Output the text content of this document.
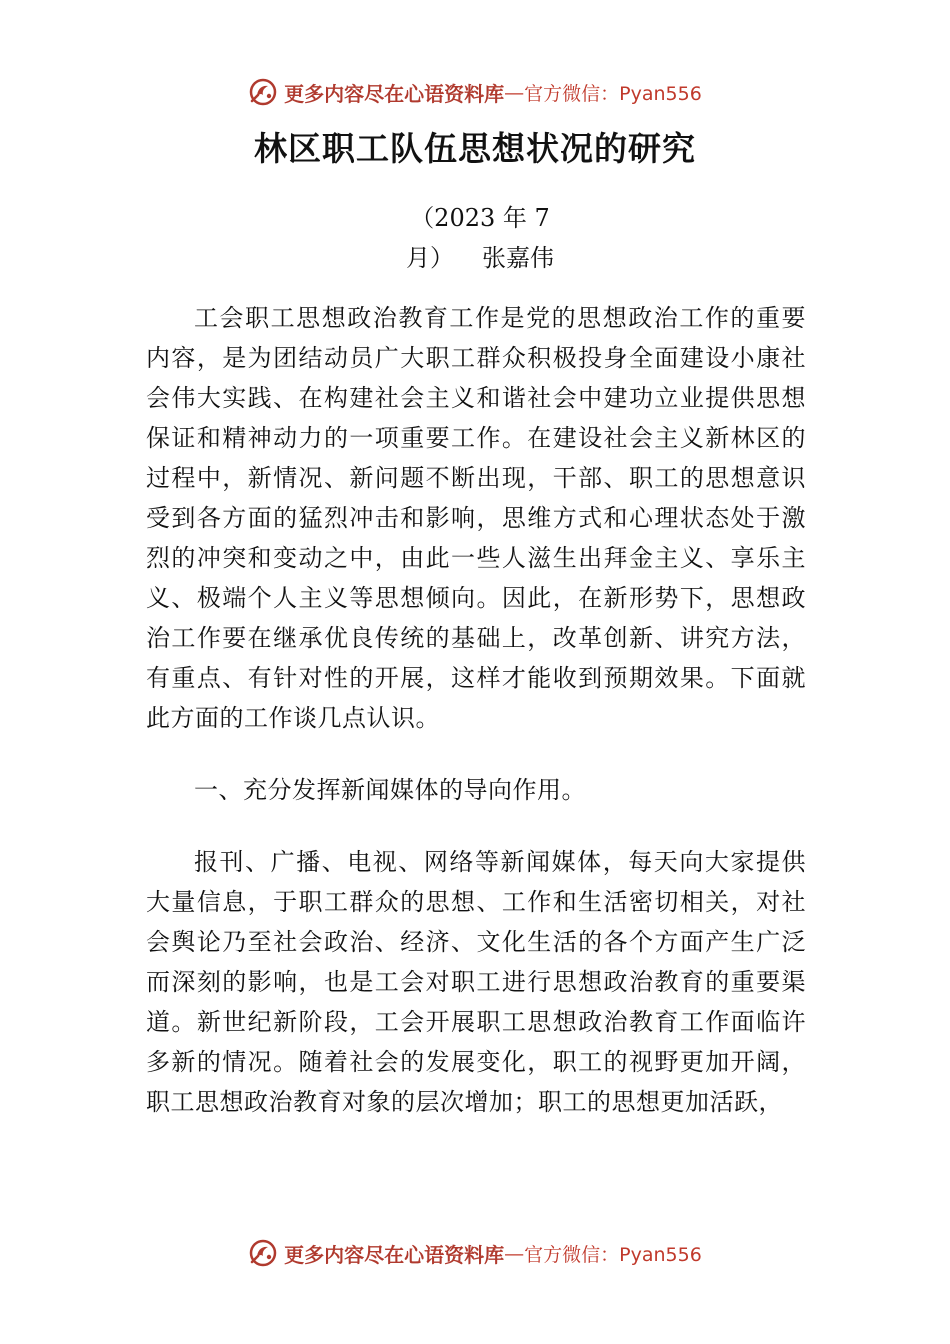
更多内容尽在心语资料库 — 官方微信：Pyan556
林区职工队伍思想状况的研究
（2023 年 7
月） 张嘉伟

工会职工思想政治教育工作是党的思想政治工作的重要内容，是为团结动员广大职工群众积极投身全面建设小康社会伟大实践、在构建社会主义和谐社会中建功立业提供思想保证和精神动力的一项重要工作。在建设社会主义新林区的过程中，新情况、新问题不断出现，干部、职工的思想意识受到各方面的猛烈冲击和影响，思维方式和心理状态处于激烈的冲突和变动之中，由此一些人滋生出拜金主义、享乐主义、极端个人主义等思想倾向。因此，在新形势下，思想政治工作要在继承优良传统的基础上，改革创新、讲究方法，有重点、有针对性的开展，这样才能收到预期效果。下面就此方面的工作谈几点认识。

一、充分发挥新闻媒体的导向作用。

报刊、广播、电视、网络等新闻媒体，每天向大家提供大量信息，于职工群众的思想、工作和生活密切相关，对社会舆论乃至社会政治、经济、文化生活的各个方面产生广泛而深刻的影响，也是工会对职工进行思想政治教育的重要渠道。新世纪新阶段，工会开展职工思想政治教育工作面临许多新的情况。随着社会的发展变化，职工的视野更加开阔，职工思想政治教育对象的层次增加；职工的思想更加活跃，

更多内容尽在心语资料库 — 官方微信：Pyan556
